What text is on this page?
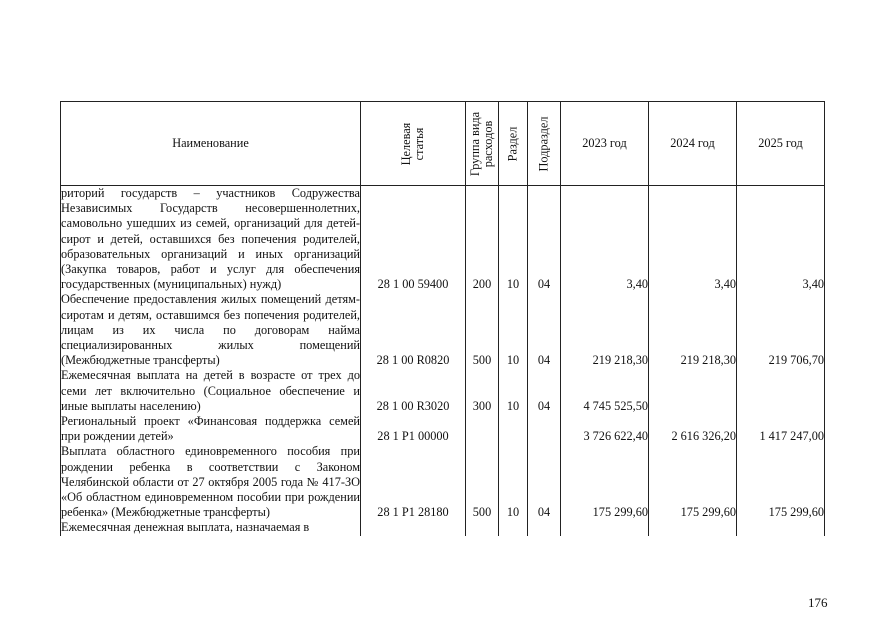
Наименование	Целевая статья	Группа вида расходов	Раздел	Подраздел	2023 год	2024 год	2025 год
риторий государств – участников Содружества Независимых Государств несовершеннолетних, самовольно ушедших из семей, организаций для детей-сирот и детей, оставшихся без попечения родителей, образовательных организаций и иных организаций (Закупка товаров, работ и услуг для обеспечения государственных (муниципальных) нужд)	28 1 00 59400	200	10	04	3,40	3,40	3,40
Обеспечение предоставления жилых помещений детям-сиротам и детям, оставшимся без попечения родителей, лицам из их числа по договорам найма специализированных жилых помещений (Межбюджетные трансферты)	28 1 00 R0820	500	10	04	219 218,30	219 218,30	219 706,70
Ежемесячная выплата на детей в возрасте от трех до семи лет включительно (Социальное обеспечение и иные выплаты населению)	28 1 00 R3020	300	10	04	4 745 525,50		
Региональный проект «Финансовая поддержка семей при рождении детей»	28 1 P1 00000				3 726 622,40	2 616 326,20	1 417 247,00
Выплата областного единовременного пособия при рождении ребенка в соответствии с Законом Челябинской области от 27 октября 2005 года № 417-ЗО «Об областном единовременном пособии при рождении ребенка» (Межбюджетные трансферты)	28 1 P1 28180	500	10	04	175 299,60	175 299,60	175 299,60
Ежемесячная денежная выплата, назначаемая в							
176
